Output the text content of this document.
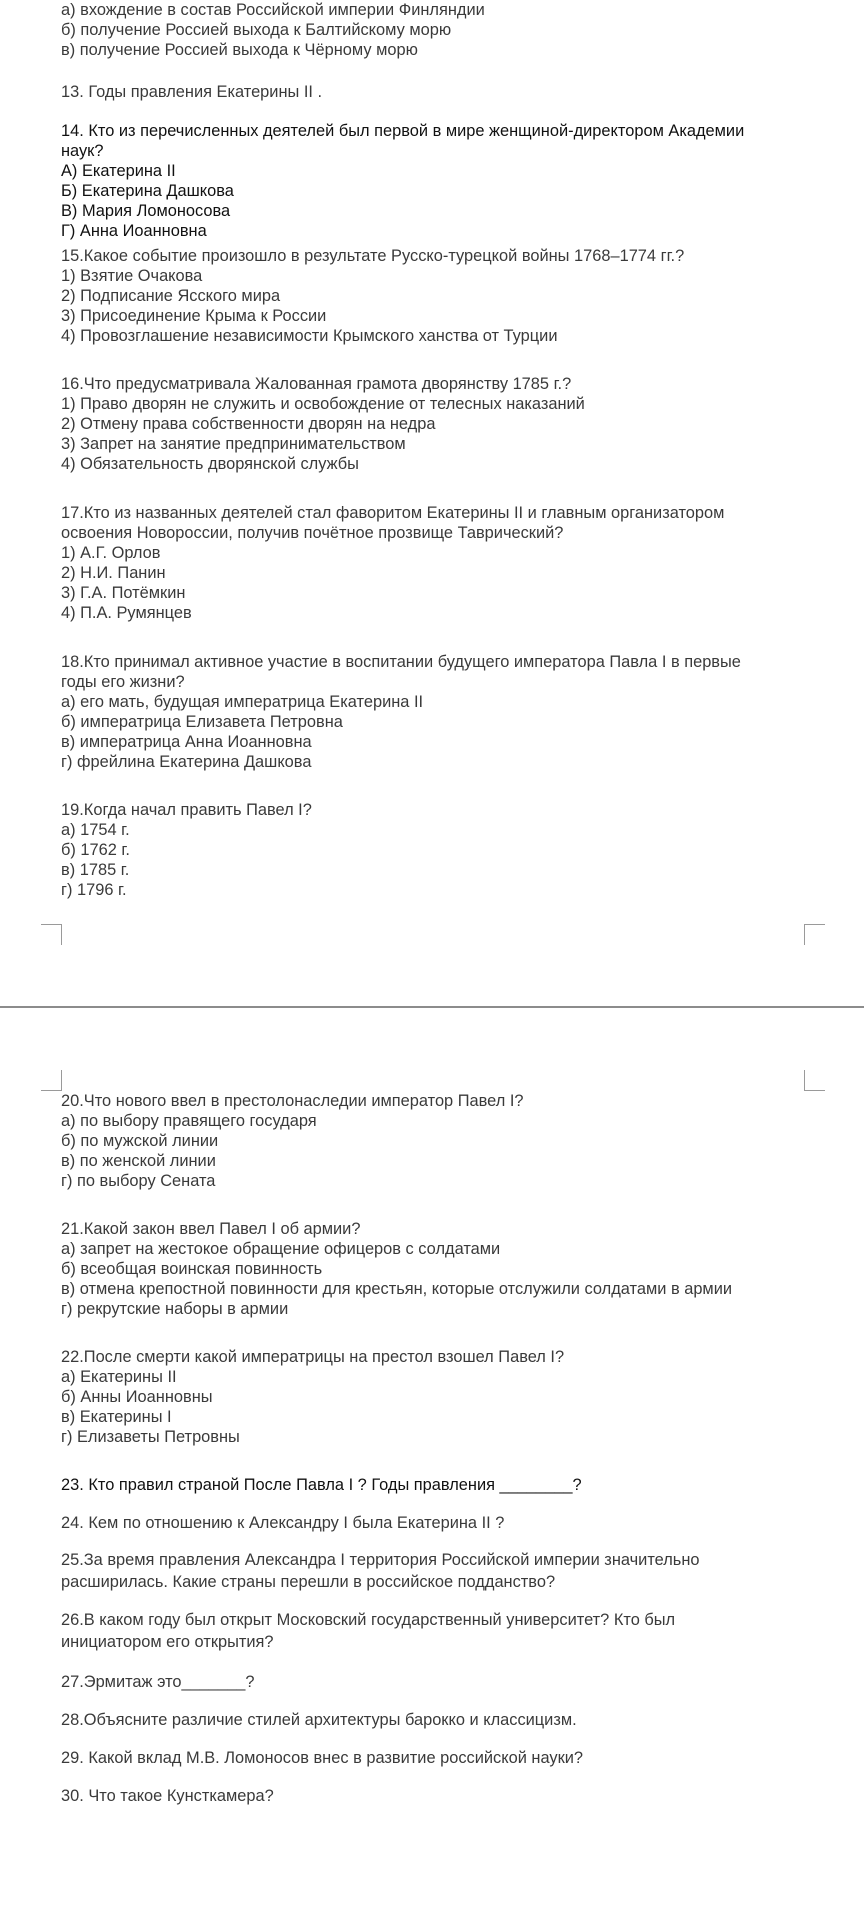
а) вхождение в состав Российской империи Финляндии
б) получение Россией выхода к Балтийскому морю
в) получение Россией выхода к Чёрному морю
13. Годы правления Екатерины II .
14. Кто из перечисленных деятелей был первой в мире женщиной-директором Академии
наук?
А) Екатерина II
Б) Екатерина Дашкова
В) Мария Ломоносова
Г) Анна Иоанновна
15.Какое событие произошло в результате Русско-турецкой войны 1768–1774 гг.?
1) Взятие Очакова
2) Подписание Ясского мира
3) Присоединение Крыма к России
4) Провозглашение независимости Крымского ханства от Турции
16.Что предусматривала Жалованная грамота дворянству 1785 г.?
1) Право дворян не служить и освобождение от телесных наказаний
2) Отмену права собственности дворян на недра
3) Запрет на занятие предпринимательством
4) Обязательность дворянской службы
17.Кто из названных деятелей стал фаворитом Екатерины II и главным организатором
освоения Новороссии, получив почётное прозвище Таврический?
1) А.Г. Орлов
2) Н.И. Панин
3) Г.А. Потёмкин
4) П.А. Румянцев
18.Кто принимал активное участие в воспитании будущего императора Павла I в первые
годы его жизни?
а) его мать, будущая императрица Екатерина II
б) императрица Елизавета Петровна
в) императрица Анна Иоанновна
г) фрейлина Екатерина Дашкова
19.Когда начал править Павел I?
а) 1754 г.
б) 1762 г.
в) 1785 г.
г) 1796 г.
20.Что нового ввел в престолонаследии император Павел I?
а) по выбору правящего государя
б) по мужской линии
в) по женской линии
г) по выбору Сената
21.Какой закон ввел Павел I об армии?
а) запрет на жестокое обращение офицеров с солдатами
б) всеобщая воинская повинность
в) отмена крепостной повинности для крестьян, которые отслужили солдатами в армии
г) рекрутские наборы в армии
22.После смерти какой императрицы на престол взошел Павел I?
а) Екатерины II
б) Анны Иоанновны
в) Екатерины I
г) Елизаветы Петровны
23. Кто правил страной После Павла I ? Годы правления ________?
24. Кем по отношению к Александру I была Екатерина II ?
25.За время правления Александра I территория Российской империи значительно
расширилась. Какие страны перешли в российское подданство?
26.В каком году был открыт Московский государственный университет? Кто был
инициатором его открытия?
27.Эрмитаж это_______?
28.Объясните различие стилей архитектуры барокко и классицизм.
29. Какой вклад М.В. Ломоносов внес в развитие российской науки?
30. Что такое Кунсткамера?
